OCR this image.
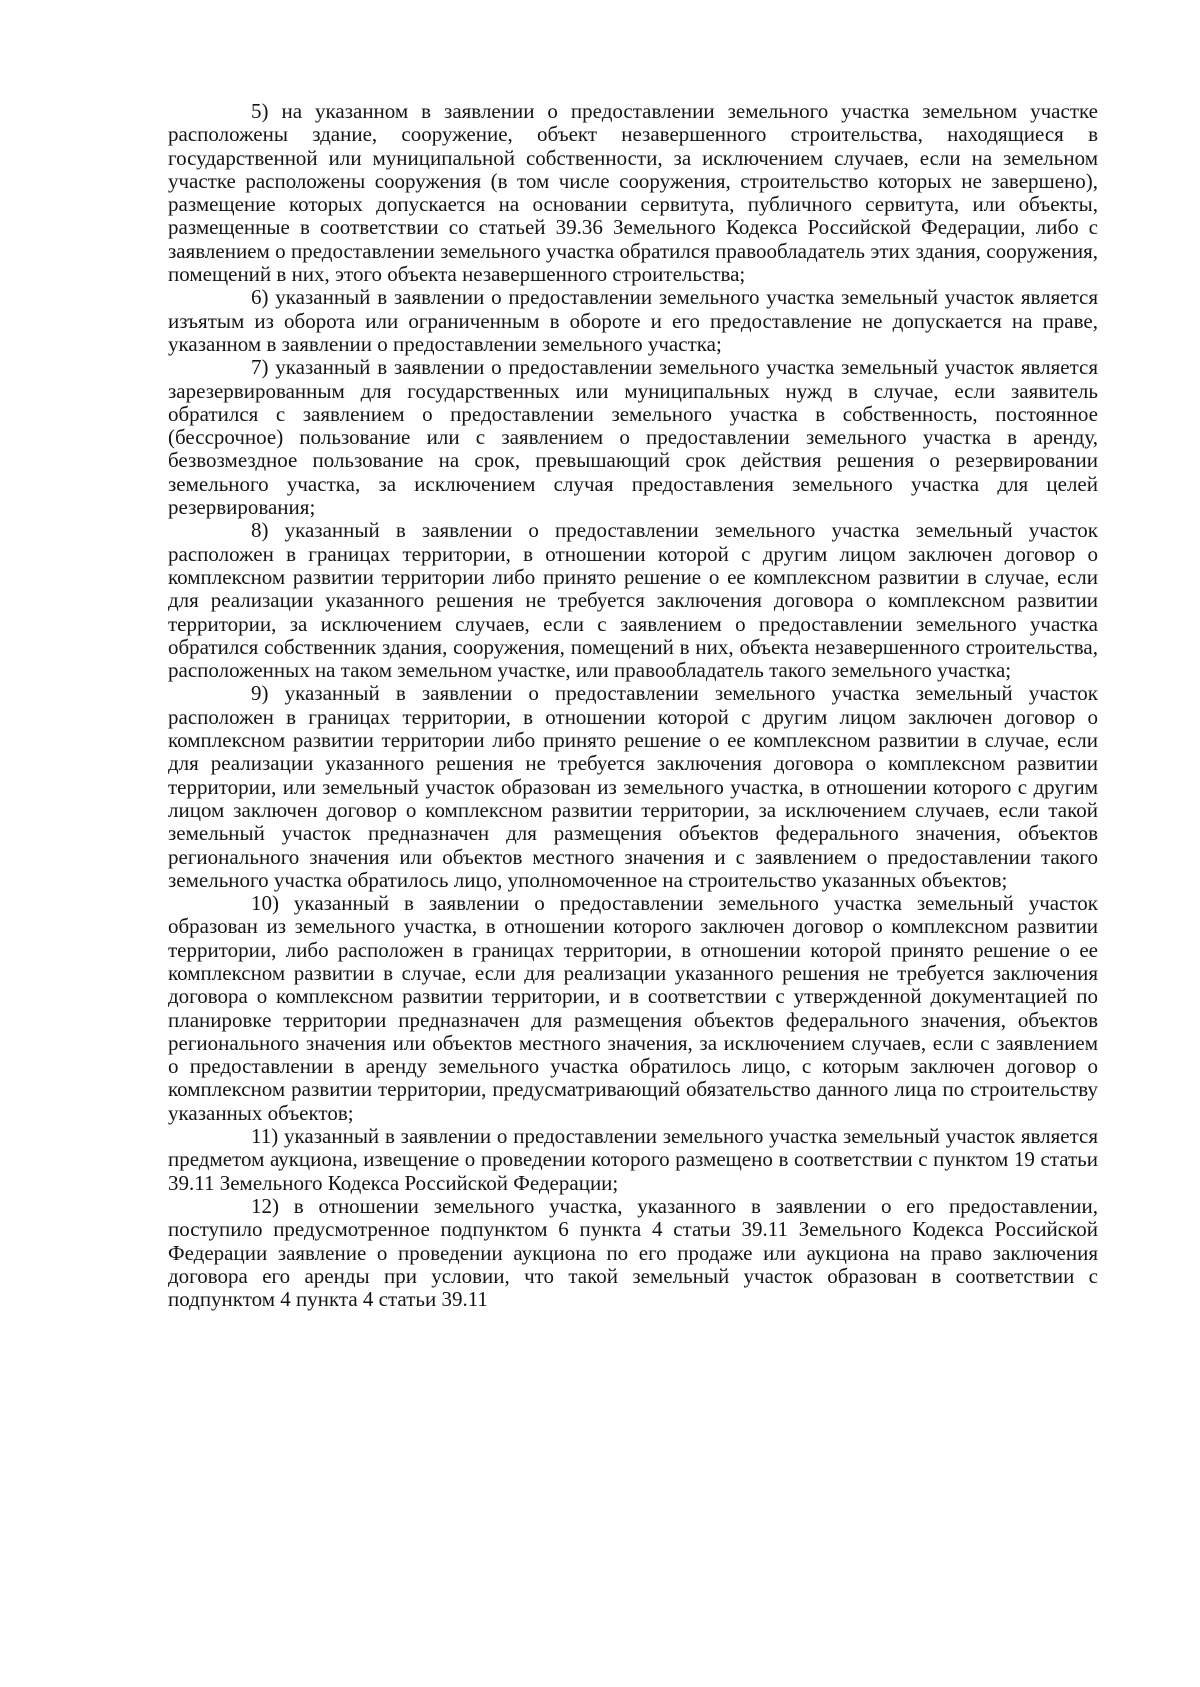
5) на указанном в заявлении о предоставлении земельного участка земельном участке расположены здание, сооружение, объект незавершенного строительства, находящиеся в государственной или муниципальной собственности, за исключением случаев, если на земельном участке расположены сооружения (в том числе сооружения, строительство которых не завершено), размещение которых допускается на основании сервитута, публичного сервитута, или объекты, размещенные в соответствии со статьей 39.36 Земельного Кодекса Российской Федерации, либо с заявлением о предоставлении земельного участка обратился правообладатель этих здания, сооружения, помещений в них, этого объекта незавершенного строительства;

6) указанный в заявлении о предоставлении земельного участка земельный участок является изъятым из оборота или ограниченным в обороте и его предоставление не допускается на праве, указанном в заявлении о предоставлении земельного участка;

7) указанный в заявлении о предоставлении земельного участка земельный участок является зарезервированным для государственных или муниципальных нужд в случае, если заявитель обратился с заявлением о предоставлении земельного участка в собственность, постоянное (бессрочное) пользование или с заявлением о предоставлении земельного участка в аренду, безвозмездное пользование на срок, превышающий срок действия решения о резервировании земельного участка, за исключением случая предоставления земельного участка для целей резервирования;

8) указанный в заявлении о предоставлении земельного участка земельный участок расположен в границах территории, в отношении которой с другим лицом заключен договор о комплексном развитии территории либо принято решение о ее комплексном развитии в случае, если для реализации указанного решения не требуется заключения договора о комплексном развитии территории, за исключением случаев, если с заявлением о предоставлении земельного участка обратился собственник здания, сооружения, помещений в них, объекта незавершенного строительства, расположенных на таком земельном участке, или правообладатель такого земельного участка;

9) указанный в заявлении о предоставлении земельного участка земельный участок расположен в границах территории, в отношении которой с другим лицом заключен договор о комплексном развитии территории либо принято решение о ее комплексном развитии в случае, если для реализации указанного решения не требуется заключения договора о комплексном развитии территории, или земельный участок образован из земельного участка, в отношении которого с другим лицом заключен договор о комплексном развитии территории, за исключением случаев, если такой земельный участок предназначен для размещения объектов федерального значения, объектов регионального значения или объектов местного значения и с заявлением о предоставлении такого земельного участка обратилось лицо, уполномоченное на строительство указанных объектов;

10) указанный в заявлении о предоставлении земельного участка земельный участок образован из земельного участка, в отношении которого заключен договор о комплексном развитии территории, либо расположен в границах территории, в отношении которой принято решение о ее комплексном развитии в случае, если для реализации указанного решения не требуется заключения договора о комплексном развитии территории, и в соответствии с утвержденной документацией по планировке территории предназначен для размещения объектов федерального значения, объектов регионального значения или объектов местного значения, за исключением случаев, если с заявлением о предоставлении в аренду земельного участка обратилось лицо, с которым заключен договор о комплексном развитии территории, предусматривающий обязательство данного лица по строительству указанных объектов;

11) указанный в заявлении о предоставлении земельного участка земельный участок является предметом аукциона, извещение о проведении которого размещено в соответствии с пунктом 19 статьи 39.11 Земельного Кодекса Российской Федерации;

12) в отношении земельного участка, указанного в заявлении о его предоставлении, поступило предусмотренное подпунктом 6 пункта 4 статьи 39.11 Земельного Кодекса Российской Федерации заявление о проведении аукциона по его продаже или аукциона на право заключения договора его аренды при условии, что такой земельный участок образован в соответствии с подпунктом 4 пункта 4 статьи 39.11
